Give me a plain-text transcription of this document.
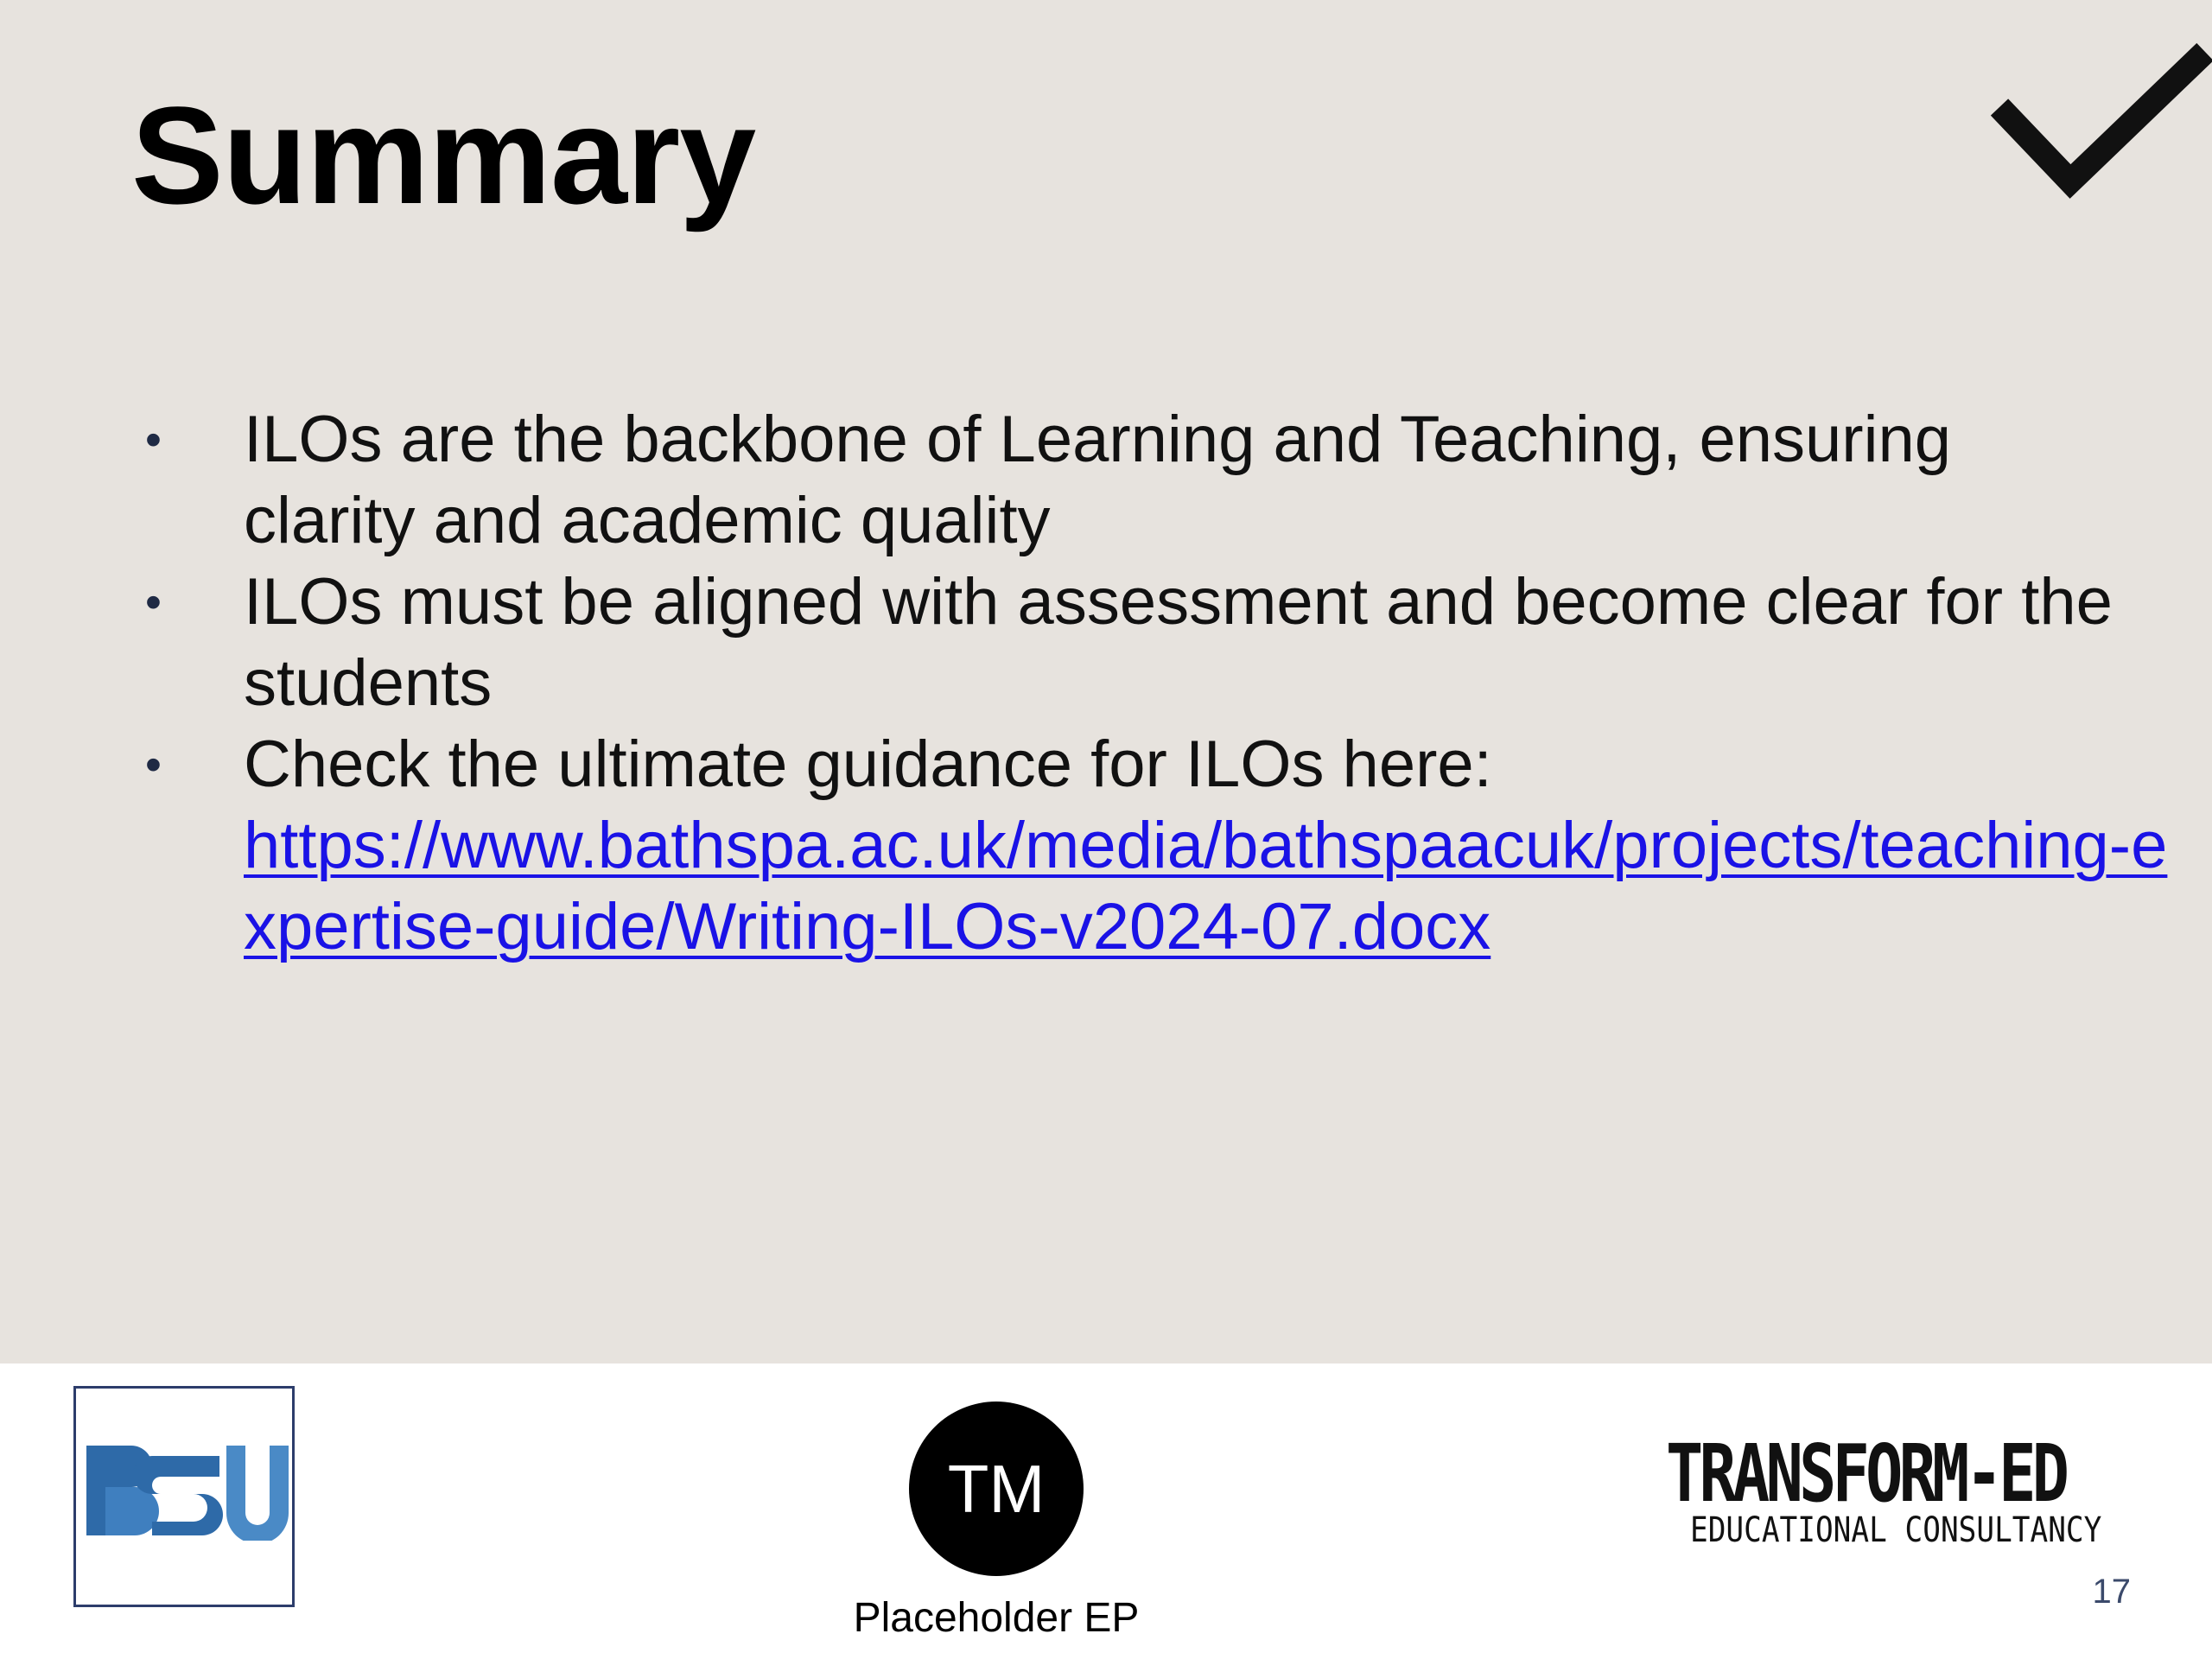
Summary
• ILOs are the backbone of Learning and Teaching, ensuring clarity and academic quality
• ILOs must be aligned with assessment and become clear for the students
• Check the ultimate guidance for ILOs here:
https://www.bathspa.ac.uk/media/bathspaacuk/projects/teaching-expertise-guide/Writing-ILOs-v2024-07.docx
TM
Placeholder EP
TRANSFORM-ED
EDUCATIONAL CONSULTANCY
17
